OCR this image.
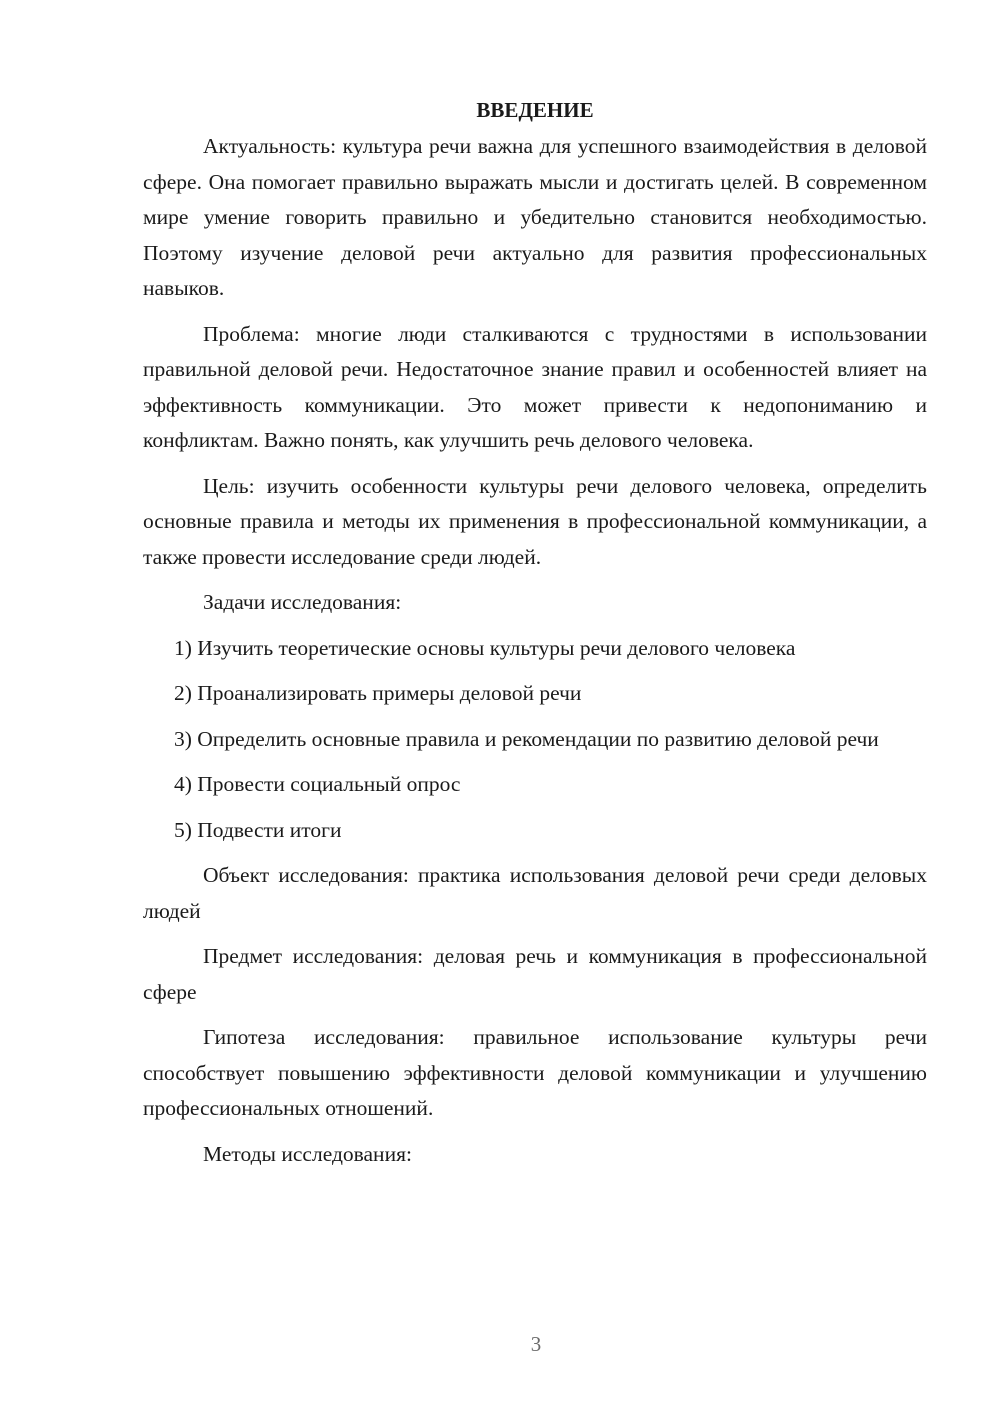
ВВЕДЕНИЕ

Актуальность: культура речи важна для успешного взаимодействия в деловой сфере. Она помогает правильно выражать мысли и достигать целей. В современном мире умение говорить правильно и убедительно становится необходимостью. Поэтому изучение деловой речи актуально для развития профессиональных навыков.

Проблема: многие люди сталкиваются с трудностями в использовании правильной деловой речи. Недостаточное знание правил и особенностей влияет на эффективность коммуникации. Это может привести к недопониманию и конфликтам. Важно понять, как улучшить речь делового человека.

Цель: изучить особенности культуры речи делового человека, определить основные правила и методы их применения в профессиональной коммуникации, а также провести исследование среди людей.

Задачи исследования:

1) Изучить теоретические основы культуры речи делового человека

2) Проанализировать примеры деловой речи

3) Определить основные правила и рекомендации по развитию деловой речи

4) Провести социальный опрос

5) Подвести итоги

Объект исследования: практика использования деловой речи среди деловых людей

Предмет исследования: деловая речь и коммуникация в профессиональной сфере

Гипотеза исследования: правильное использование культуры речи способствует повышению эффективности деловой коммуникации и улучшению профессиональных отношений.

Методы исследования:

3
